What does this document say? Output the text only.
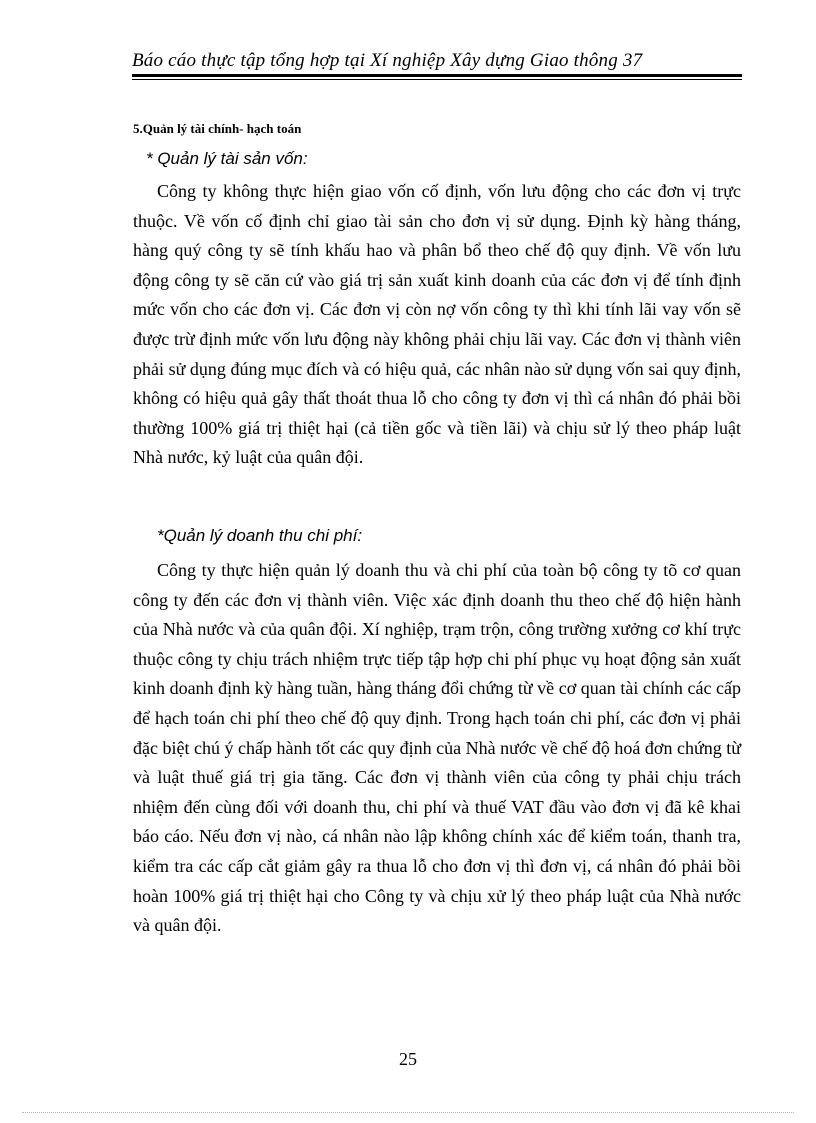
Báo cáo thực tập tổng hợp tại Xí nghiệp Xây dựng Giao thông 37
5.Quản lý tài chính- hạch toán
* Quản lý tài sản vốn:

Công ty không thực hiện giao vốn cố định, vốn lưu động cho các đơn vị trực thuộc. Về vốn cố định chỉ giao tài sản cho đơn vị sử dụng. Định kỳ hàng tháng, hàng quý công ty sẽ tính khấu hao và phân bổ theo chế độ quy định. Về vốn lưu động công ty sẽ căn cứ vào giá trị sản xuất kinh doanh của các đơn vị để tính định mức vốn cho các đơn vị. Các đơn vị còn nợ vốn công ty thì khi tính lãi vay vốn sẽ được trừ định mức vốn lưu động này không phải chịu lãi vay. Các đơn vị thành viên phải sử dụng đúng mục đích và có hiệu quả, các nhân nào sử dụng vốn sai quy định, không có hiệu quả gây thất thoát thua lỗ cho công ty đơn vị thì cá nhân đó phải bồi thường 100% giá trị thiệt hại (cả tiền gốc và tiền lãi) và chịu sử lý theo pháp luật Nhà nước, kỷ luật của quân đội.

*Quản lý doanh thu chi phí:

Công ty thực hiện quản lý doanh thu và chi phí của toàn bộ công ty tõ cơ quan công ty đến các đơn vị thành viên. Việc xác định doanh thu theo chế độ hiện hành của Nhà nước và của quân đội. Xí nghiệp, trạm trộn, công trường xưởng cơ khí trực thuộc công ty chịu trách nhiệm trực tiếp tập hợp chi phí phục vụ hoạt động sản xuất kinh doanh định kỳ hàng tuần, hàng tháng đổi chứng từ về cơ quan tài chính các cấp để hạch toán chi phí theo chế độ quy định. Trong hạch toán chi phí, các đơn vị phải đặc biệt chú ý chấp hành tốt các quy định của Nhà nước về chế độ hoá đơn chứng từ và luật thuế giá trị gia tăng. Các đơn vị thành viên của công ty phải chịu trách nhiệm đến cùng đối với doanh thu, chi phí và thuế VAT đầu vào đơn vị đã kê khai báo cáo. Nếu đơn vị nào, cá nhân nào lập không chính xác để kiểm toán, thanh tra, kiểm tra các cấp cắt giảm gây ra thua lỗ cho đơn vị thì đơn vị, cá nhân đó phải bồi hoàn 100% giá trị thiệt hại cho Công ty và chịu xử lý theo pháp luật của Nhà nước và quân đội.

25
